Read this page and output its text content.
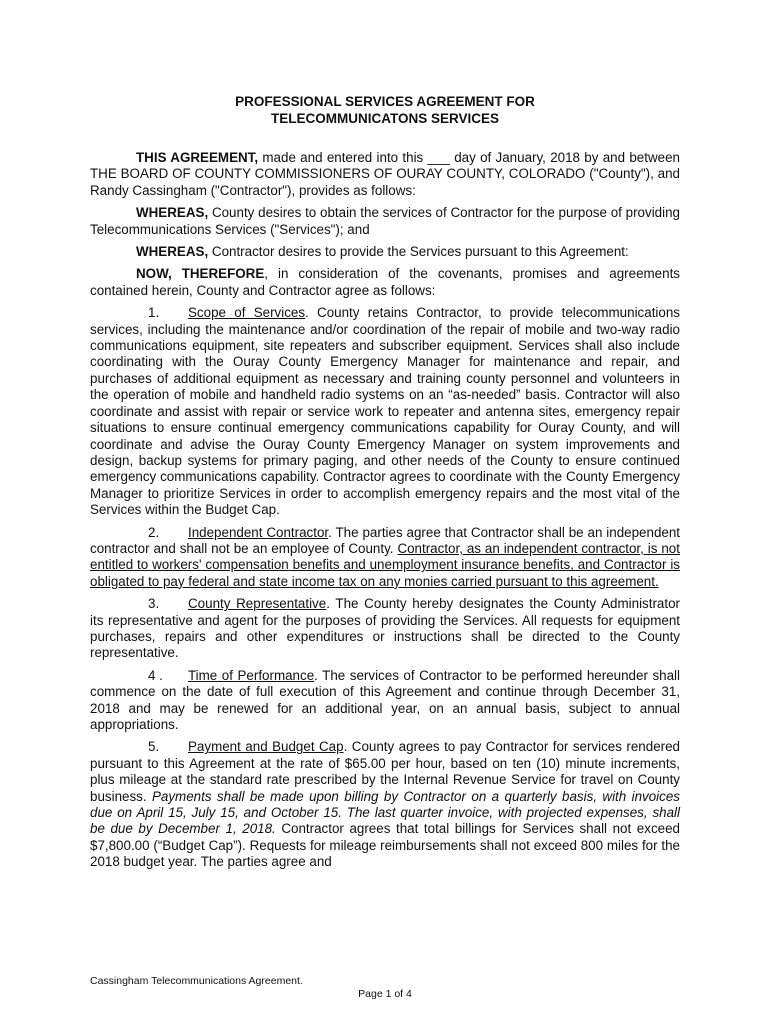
PROFESSIONAL SERVICES AGREEMENT FOR
TELECOMMUNICATONS SERVICES

THIS AGREEMENT, made and entered into this ___ day of January, 2018 by and between THE BOARD OF COUNTY COMMISSIONERS OF OURAY COUNTY, COLORADO ("County"), and Randy Cassingham ("Contractor"), provides as follows:

WHEREAS, County desires to obtain the services of Contractor for the purpose of providing Telecommunications Services ("Services"); and

WHEREAS, Contractor desires to provide the Services pursuant to this Agreement:

NOW, THEREFORE, in consideration of the covenants, promises and agreements contained herein, County and Contractor agree as follows:

1. Scope of Services. County retains Contractor, to provide telecommunications services, including the maintenance and/or coordination of the repair of mobile and two-way radio communications equipment, site repeaters and subscriber equipment. Services shall also include coordinating with the Ouray County Emergency Manager for maintenance and repair, and purchases of additional equipment as necessary and training county personnel and volunteers in the operation of mobile and handheld radio systems on an “as-needed” basis. Contractor will also coordinate and assist with repair or service work to repeater and antenna sites, emergency repair situations to ensure continual emergency communications capability for Ouray County, and will coordinate and advise the Ouray County Emergency Manager on system improvements and design, backup systems for primary paging, and other needs of the County to ensure continued emergency communications capability. Contractor agrees to coordinate with the County Emergency Manager to prioritize Services in order to accomplish emergency repairs and the most vital of the Services within the Budget Cap.

2. Independent Contractor. The parties agree that Contractor shall be an independent contractor and shall not be an employee of County. Contractor, as an independent contractor, is not entitled to workers' compensation benefits and unemployment insurance benefits, and Contractor is obligated to pay federal and state income tax on any monies carried pursuant to this agreement.

3. County Representative. The County hereby designates the County Administrator its representative and agent for the purposes of providing the Services. All requests for equipment purchases, repairs and other expenditures or instructions shall be directed to the County representative.

4 . Time of Performance. The services of Contractor to be performed hereunder shall commence on the date of full execution of this Agreement and continue through December 31, 2018 and may be renewed for an additional year, on an annual basis, subject to annual appropriations.

5. Payment and Budget Cap. County agrees to pay Contractor for services rendered pursuant to this Agreement at the rate of $65.00 per hour, based on ten (10) minute increments, plus mileage at the standard rate prescribed by the Internal Revenue Service for travel on County business. Payments shall be made upon billing by Contractor on a quarterly basis, with invoices due on April 15, July 15, and October 15. The last quarter invoice, with projected expenses, shall be due by December 1, 2018. Contractor agrees that total billings for Services shall not exceed $7,800.00 (“Budget Cap”). Requests for mileage reimbursements shall not exceed 800 miles for the 2018 budget year. The parties agree and

Cassingham Telecommunications Agreement.
Page 1 of 4
